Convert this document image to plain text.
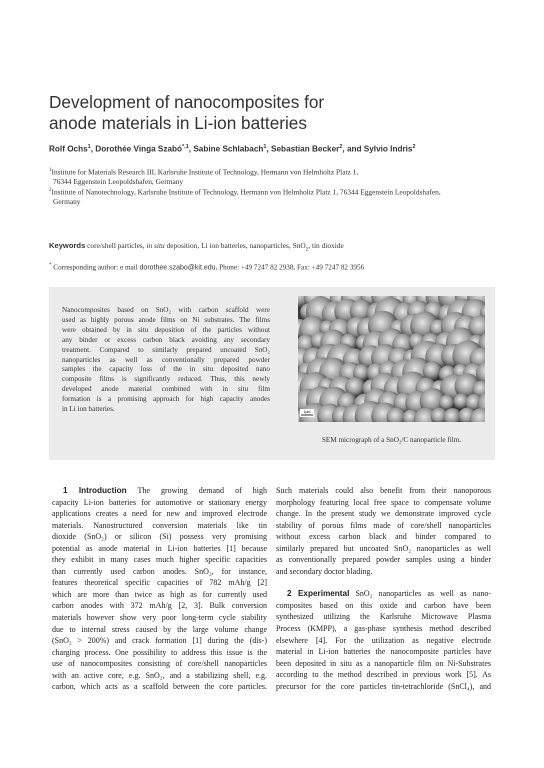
Development of nanocomposites for
anode materials in Li-ion batteries
Rolf Ochs$^1$, Dorothée Vinga Szabó$^{*,1}$, Sabine Schlabach$^1$, Sebastian Becker$^2$, and Sylvio Indris$^2$
$^1$Institute for Materials Research III, Karlsruhe Institute of Technology, Hermann von Helmholtz Platz 1,
76344 Eggenstein Leopoldshafen, Germany
$^2$Institute of Nanotechnology, Karlsruhe Institute of Technology, Hermann von Helmholtz Platz 1, 76344 Eggenstein Leopoldshafen,
Germany
Keywords core/shell particles, in situ deposition, Li ion batteries, nanoparticles, SnO$_2$, tin dioxide
* Corresponding author: e mail dorothee.szabo@kit.edu, Phone: +49 7247 82 2938, Fax: +49 7247 82 3956
Nanocomposites based on SnO₂ with carbon scaffold were
used as highly porous anode films on Ni substrates. The films
were obtained by in situ deposition of the particles without
any binder or excess carbon black avoiding any secondary
treatment. Compared to similarly prepared uncoated SnO₂
nanoparticles as well as conventionally prepared powder
samples the capacity loss of the in situ deposited nano
composite films is significantly reduced. Thus, this newly
developed anode material combined with in situ film
formation is a promising approach for high capacity anodes
in Li ion batteries.	1µm
SEM micrograph of a SnO₂/C nanoparticle film.
1 Introduction The growing demand of high
capacity Li-ion batteries for automotive or stationary energy
applications creates a need for new and improved electrode
materials. Nanostructured conversion materials like tin
dioxide (SnO₂) or silicon (Si) possess very promising
potential as anode material in Li-ion batteries [1] because
they exhibit in many cases much higher specific capacities
than currently used carbon anodes. SnO₂, for instance,
features theoretical specific capacities of 782 mAh/g [2]
which are more than twice as high as for currently used
carbon anodes with 372 mAh/g [2, 3]. Bulk conversion
materials however show very poor long-term cycle stability
due to internal stress caused by the large volume change
(SnO₂ > 200%) and crack formation [1] during the (dis-)
charging process. One possibility to address this issue is the
use of nanocomposites consisting of core/shell nanoparticles
with an active core, e.g. SnO₂, and a stabilizing shell, e.g.
carbon, which acts as a scaffold between the core particles.
Such materials could also benefit from their nanoporous
morphology featuring local free space to compensate volume
change. In the present study we demonstrate improved cycle
stability of porous films made of core/shell nanoparticles
without excess carbon black and binder compared to
similarly prepared but uncoated SnO₂ nanoparticles as well
as conventionally prepared powder samples using a binder
and secondary doctor blading.
2 Experimental SnO₂ nanoparticles as well as nano-
composites based on this oxide and carbon have been
synthesized utilizing the Karlsruhe Microwave Plasma
Process (KMPP), a gas-phase synthesis method described
elsewhere [4]. For the utilization as negative electrode
material in Li-ion batteries the nanocomposite particles have
been deposited in situ as a nanoparticle film on Ni-Substrates
according to the method described in previous work [5]. As
precursor for the core particles tin-tetrachloride (SnCl₄), and
